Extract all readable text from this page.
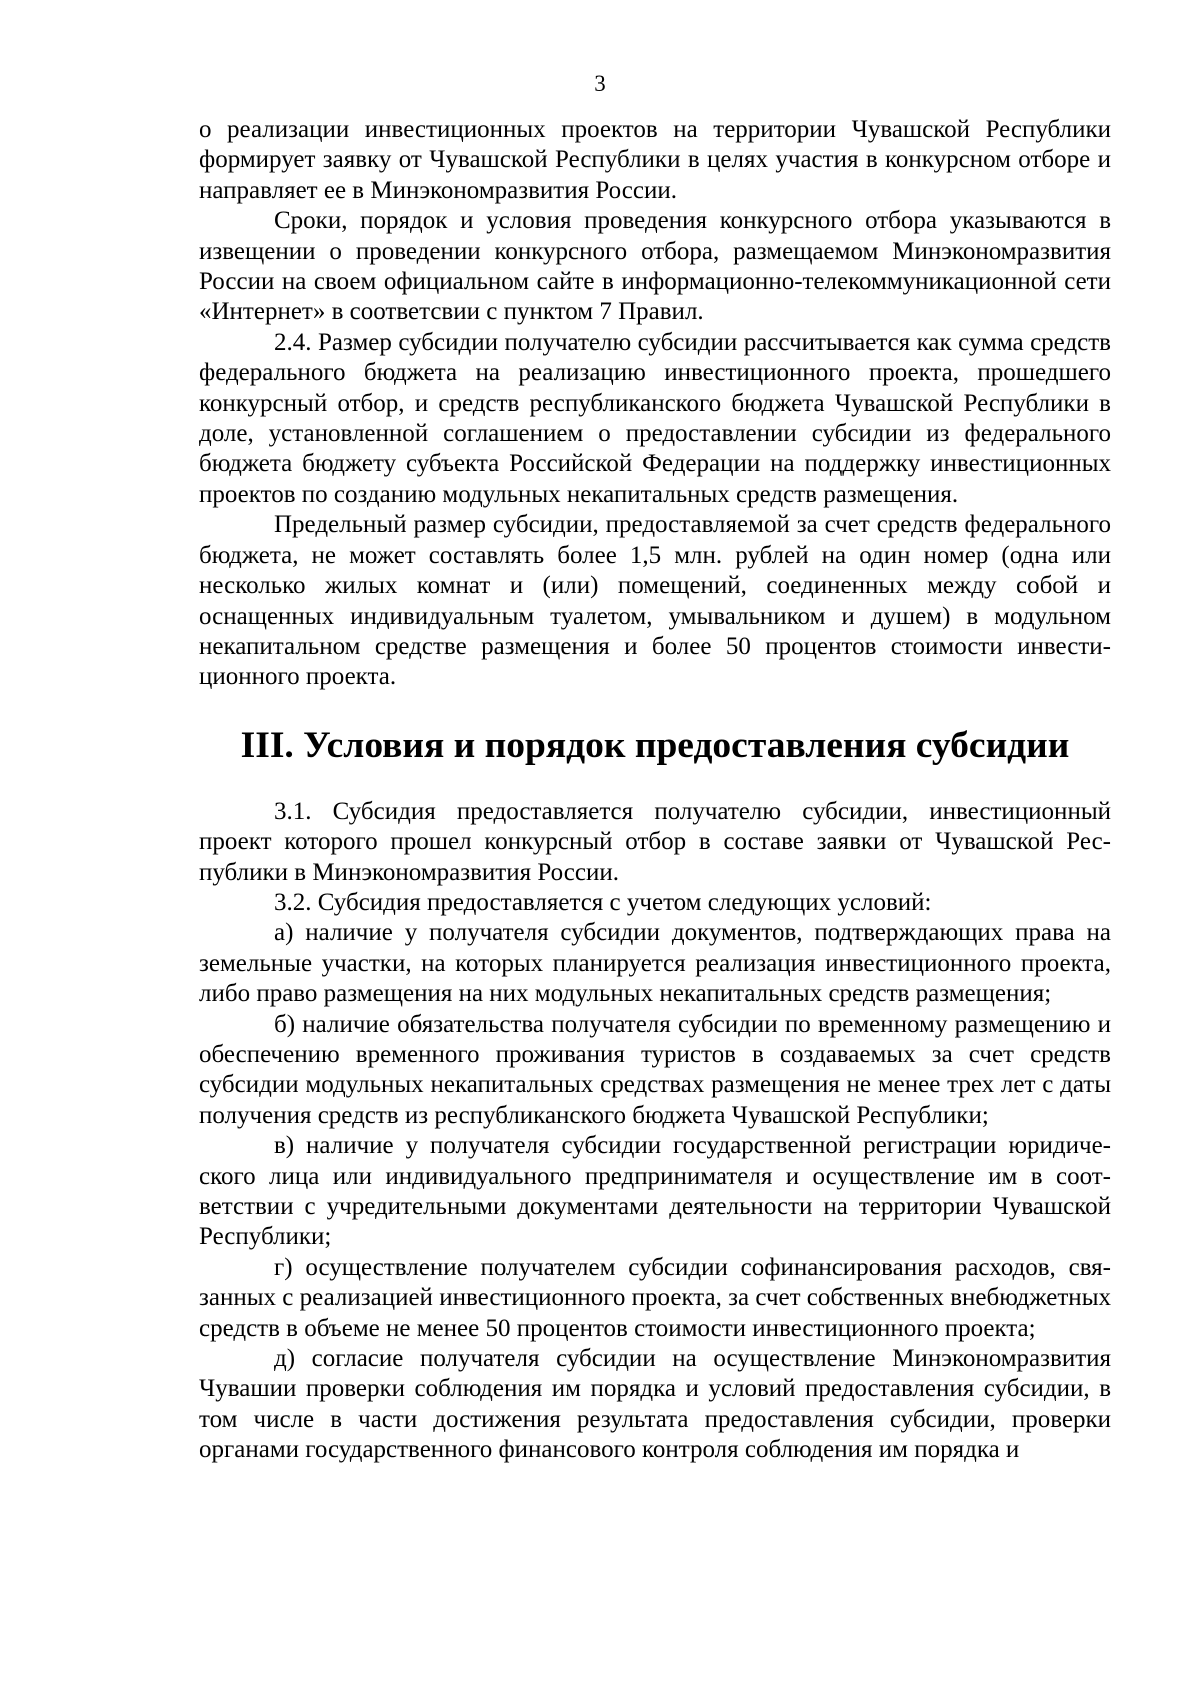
3

о реализации инвестиционных проектов на территории Чувашской Республики формирует заявку от Чувашской Республики в целях участия в конкурсном отборе и направляет ее в Минэкономразвития России.

Сроки, порядок и условия проведения конкурсного отбора указываются в извещении о проведении конкурсного отбора, размещаемом Минэкономразвития России на своем официальном сайте в информационно-телекоммуникационной сети «Интернет» в соответсвии с пунктом 7 Правил.

2.4. Размер субсидии получателю субсидии рассчитывается как сумма средств федерального бюджета на реализацию инвестиционного проекта, прошедшего конкурсный отбор, и средств республиканского бюджета Чувашской Республики в доле, установленной соглашением о предоставлении субсидии из федерального бюджета бюджету субъекта Российской Федерации на поддержку инвестиционных проектов по созданию модульных некапитальных средств размещения.

Предельный размер субсидии, предоставляемой за счет средств федерального бюджета, не может составлять более 1,5 млн. рублей на один номер (одна или несколько жилых комнат и (или) помещений, соединенных между собой и оснащенных индивидуальным туалетом, умывальником и душем) в модульном некапитальном средстве размещения и более 50 процентов стоимости инвестиционного проекта.

III. Условия и порядок предоставления субсидии

3.1. Субсидия предоставляется получателю субсидии, инвестиционный проект которого прошел конкурсный отбор в составе заявки от Чувашской Республики в Минэкономразвития России.

3.2. Субсидия предоставляется с учетом следующих условий:

а) наличие у получателя субсидии документов, подтверждающих права на земельные участки, на которых планируется реализация инвестиционного проекта, либо право размещения на них модульных некапитальных средств размещения;

б) наличие обязательства получателя субсидии по временному размещению и обеспечению временного проживания туристов в создаваемых за счет средств субсидии модульных некапитальных средствах размещения не менее трех лет с даты получения средств из республиканского бюджета Чувашской Республики;

в) наличие у получателя субсидии государственной регистрации юридического лица или индивидуального предпринимателя и осуществление им в соответствии с учредительными документами деятельности на территории Чувашской Республики;

г) осуществление получателем субсидии софинансирования расходов, связанных с реализацией инвестиционного проекта, за счет собственных внебюджетных средств в объеме не менее 50 процентов стоимости инвестиционного проекта;

д) согласие получателя субсидии на осуществление Минэкономразвития Чувашии проверки соблюдения им порядка и условий предоставления субсидии, в том числе в части достижения результата предоставления субсидии, проверки органами государственного финансового контроля соблюдения им порядка и
